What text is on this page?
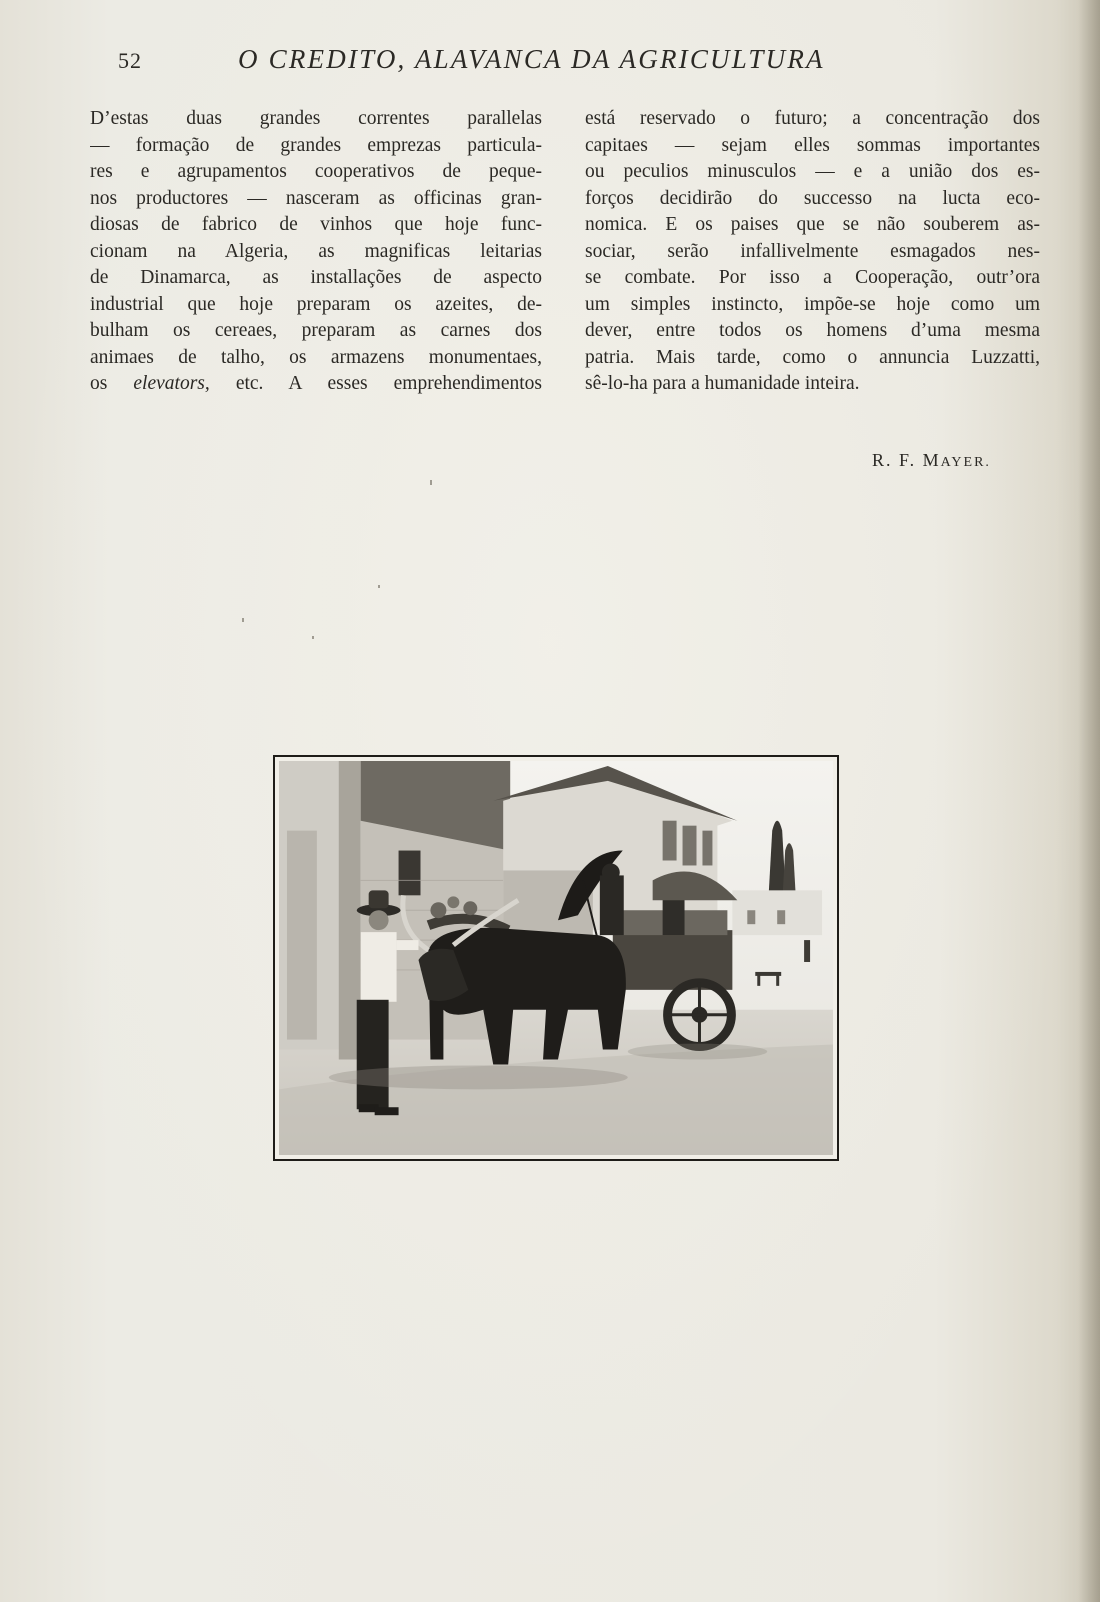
52	O CREDITO, ALAVANCA DA AGRICULTURA
D’estas duas grandes correntes parallelas
— formação de grandes emprezas particula-
res e agrupamentos cooperativos de peque-
nos productores — nasceram as officinas gran-
diosas de fabrico de vinhos que hoje func-
cionam na Algeria, as magnificas leitarias
de Dinamarca, as installações de aspecto
industrial que hoje preparam os azeites, de-
bulham os cereaes, preparam as carnes dos
animaes de talho, os armazens monumentaes,
os elevators, etc. A esses emprehendimentos
está reservado o futuro; a concentração dos
capitaes — sejam elles sommas importantes
ou peculios minusculos — e a união dos es-
forços decidirão do successo na lucta eco-
nomica. E os paises que se não souberem as-
sociar, serão infallivelmente esmagados nes-
se combate. Por isso a Cooperação, outr’ora
um simples instincto, impõe-se hoje como um
dever, entre todos os homens d’uma mesma
patria. Mais tarde, como o annuncia Luzzatti,
sê-lo-ha para a humanidade inteira.
R. F. MAYER.
